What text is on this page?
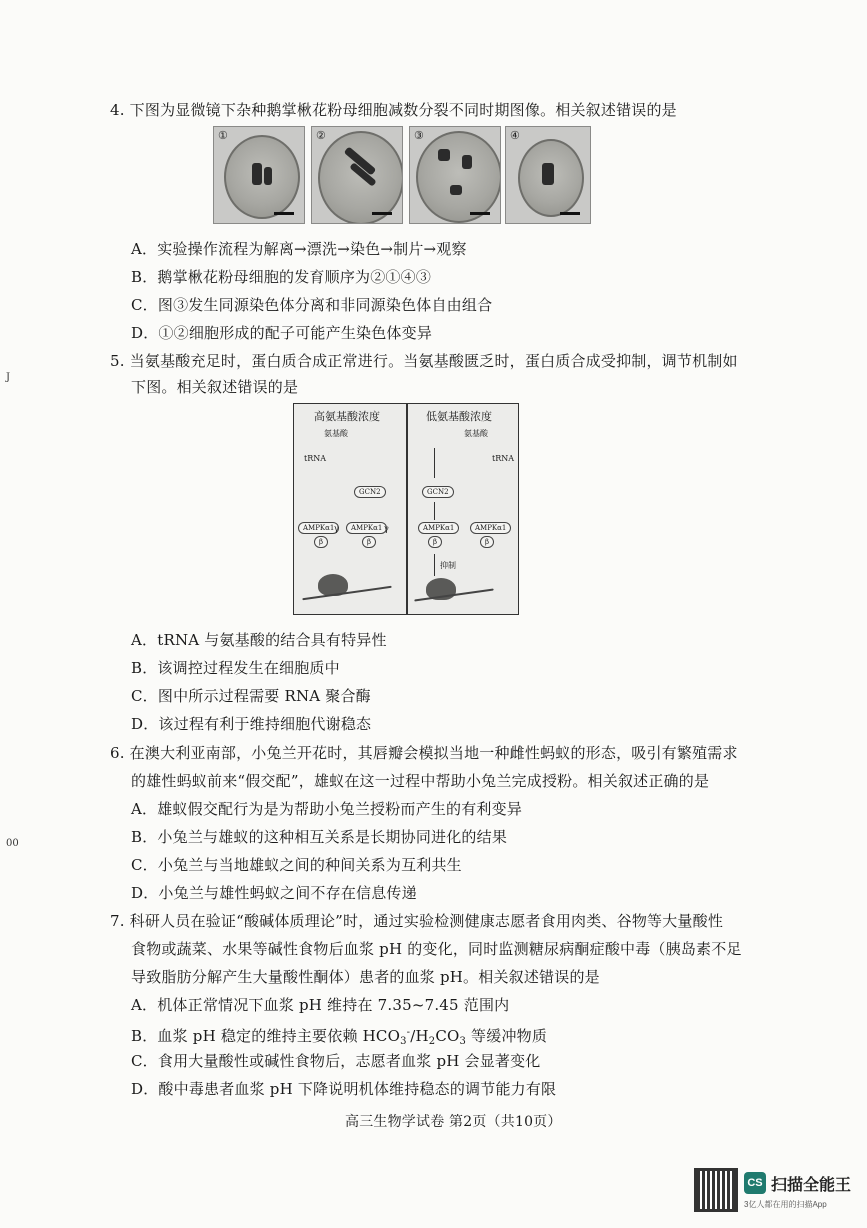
J
00
4. 下图为显微镜下杂种鹅掌楸花粉母细胞减数分裂不同时期图像。相关叙述错误的是
①	②	③	④
A．实验操作流程为解离→漂洗→染色→制片→观察
B．鹅掌楸花粉母细胞的发育顺序为②①④③
C．图③发生同源染色体分离和非同源染色体自由组合
D．①②细胞形成的配子可能产生染色体变异
5. 当氨基酸充足时，蛋白质合成正常进行。当氨基酸匮乏时，蛋白质合成受抑制，调节机制如
下图。相关叙述错误的是
高氨基酸浓度	低氨基酸浓度
氨基酸
tRNA
GCN2
AMPKα1 γ
β
AMPKα1 γ
β
氨基酸
tRNA
GCN2
AMPKα1
β
AMPKα1
β
抑制
A．tRNA 与氨基酸的结合具有特异性
B．该调控过程发生在细胞质中
C．图中所示过程需要 RNA 聚合酶
D．该过程有利于维持细胞代谢稳态
6. 在澳大利亚南部，小兔兰开花时，其唇瓣会模拟当地一种雌性蚂蚁的形态，吸引有繁殖需求
的雄性蚂蚁前来“假交配”，雄蚁在这一过程中帮助小兔兰完成授粉。相关叙述正确的是
A．雄蚁假交配行为是为帮助小兔兰授粉而产生的有利变异
B．小兔兰与雄蚁的这种相互关系是长期协同进化的结果
C．小兔兰与当地雄蚁之间的种间关系为互利共生
D．小兔兰与雄性蚂蚁之间不存在信息传递
7. 科研人员在验证“酸碱体质理论”时，通过实验检测健康志愿者食用肉类、谷物等大量酸性
食物或蔬菜、水果等碱性食物后血浆 pH 的变化，同时监测糖尿病酮症酸中毒（胰岛素不足
导致脂肪分解产生大量酸性酮体）患者的血浆 pH。相关叙述错误的是
A．机体正常情况下血浆 pH 维持在 7.35~7.45 范围内
B．血浆 pH 稳定的维持主要依赖 $HCO_3^-/H_2CO_3$ 等缓冲物质
C．食用大量酸性或碱性食物后，志愿者血浆 pH 会显著变化
D．酸中毒患者血浆 pH 下降说明机体维持稳态的调节能力有限
高三生物学试卷 第2页（共10页）
CS 扫描全能王
3亿人都在用的扫描App
